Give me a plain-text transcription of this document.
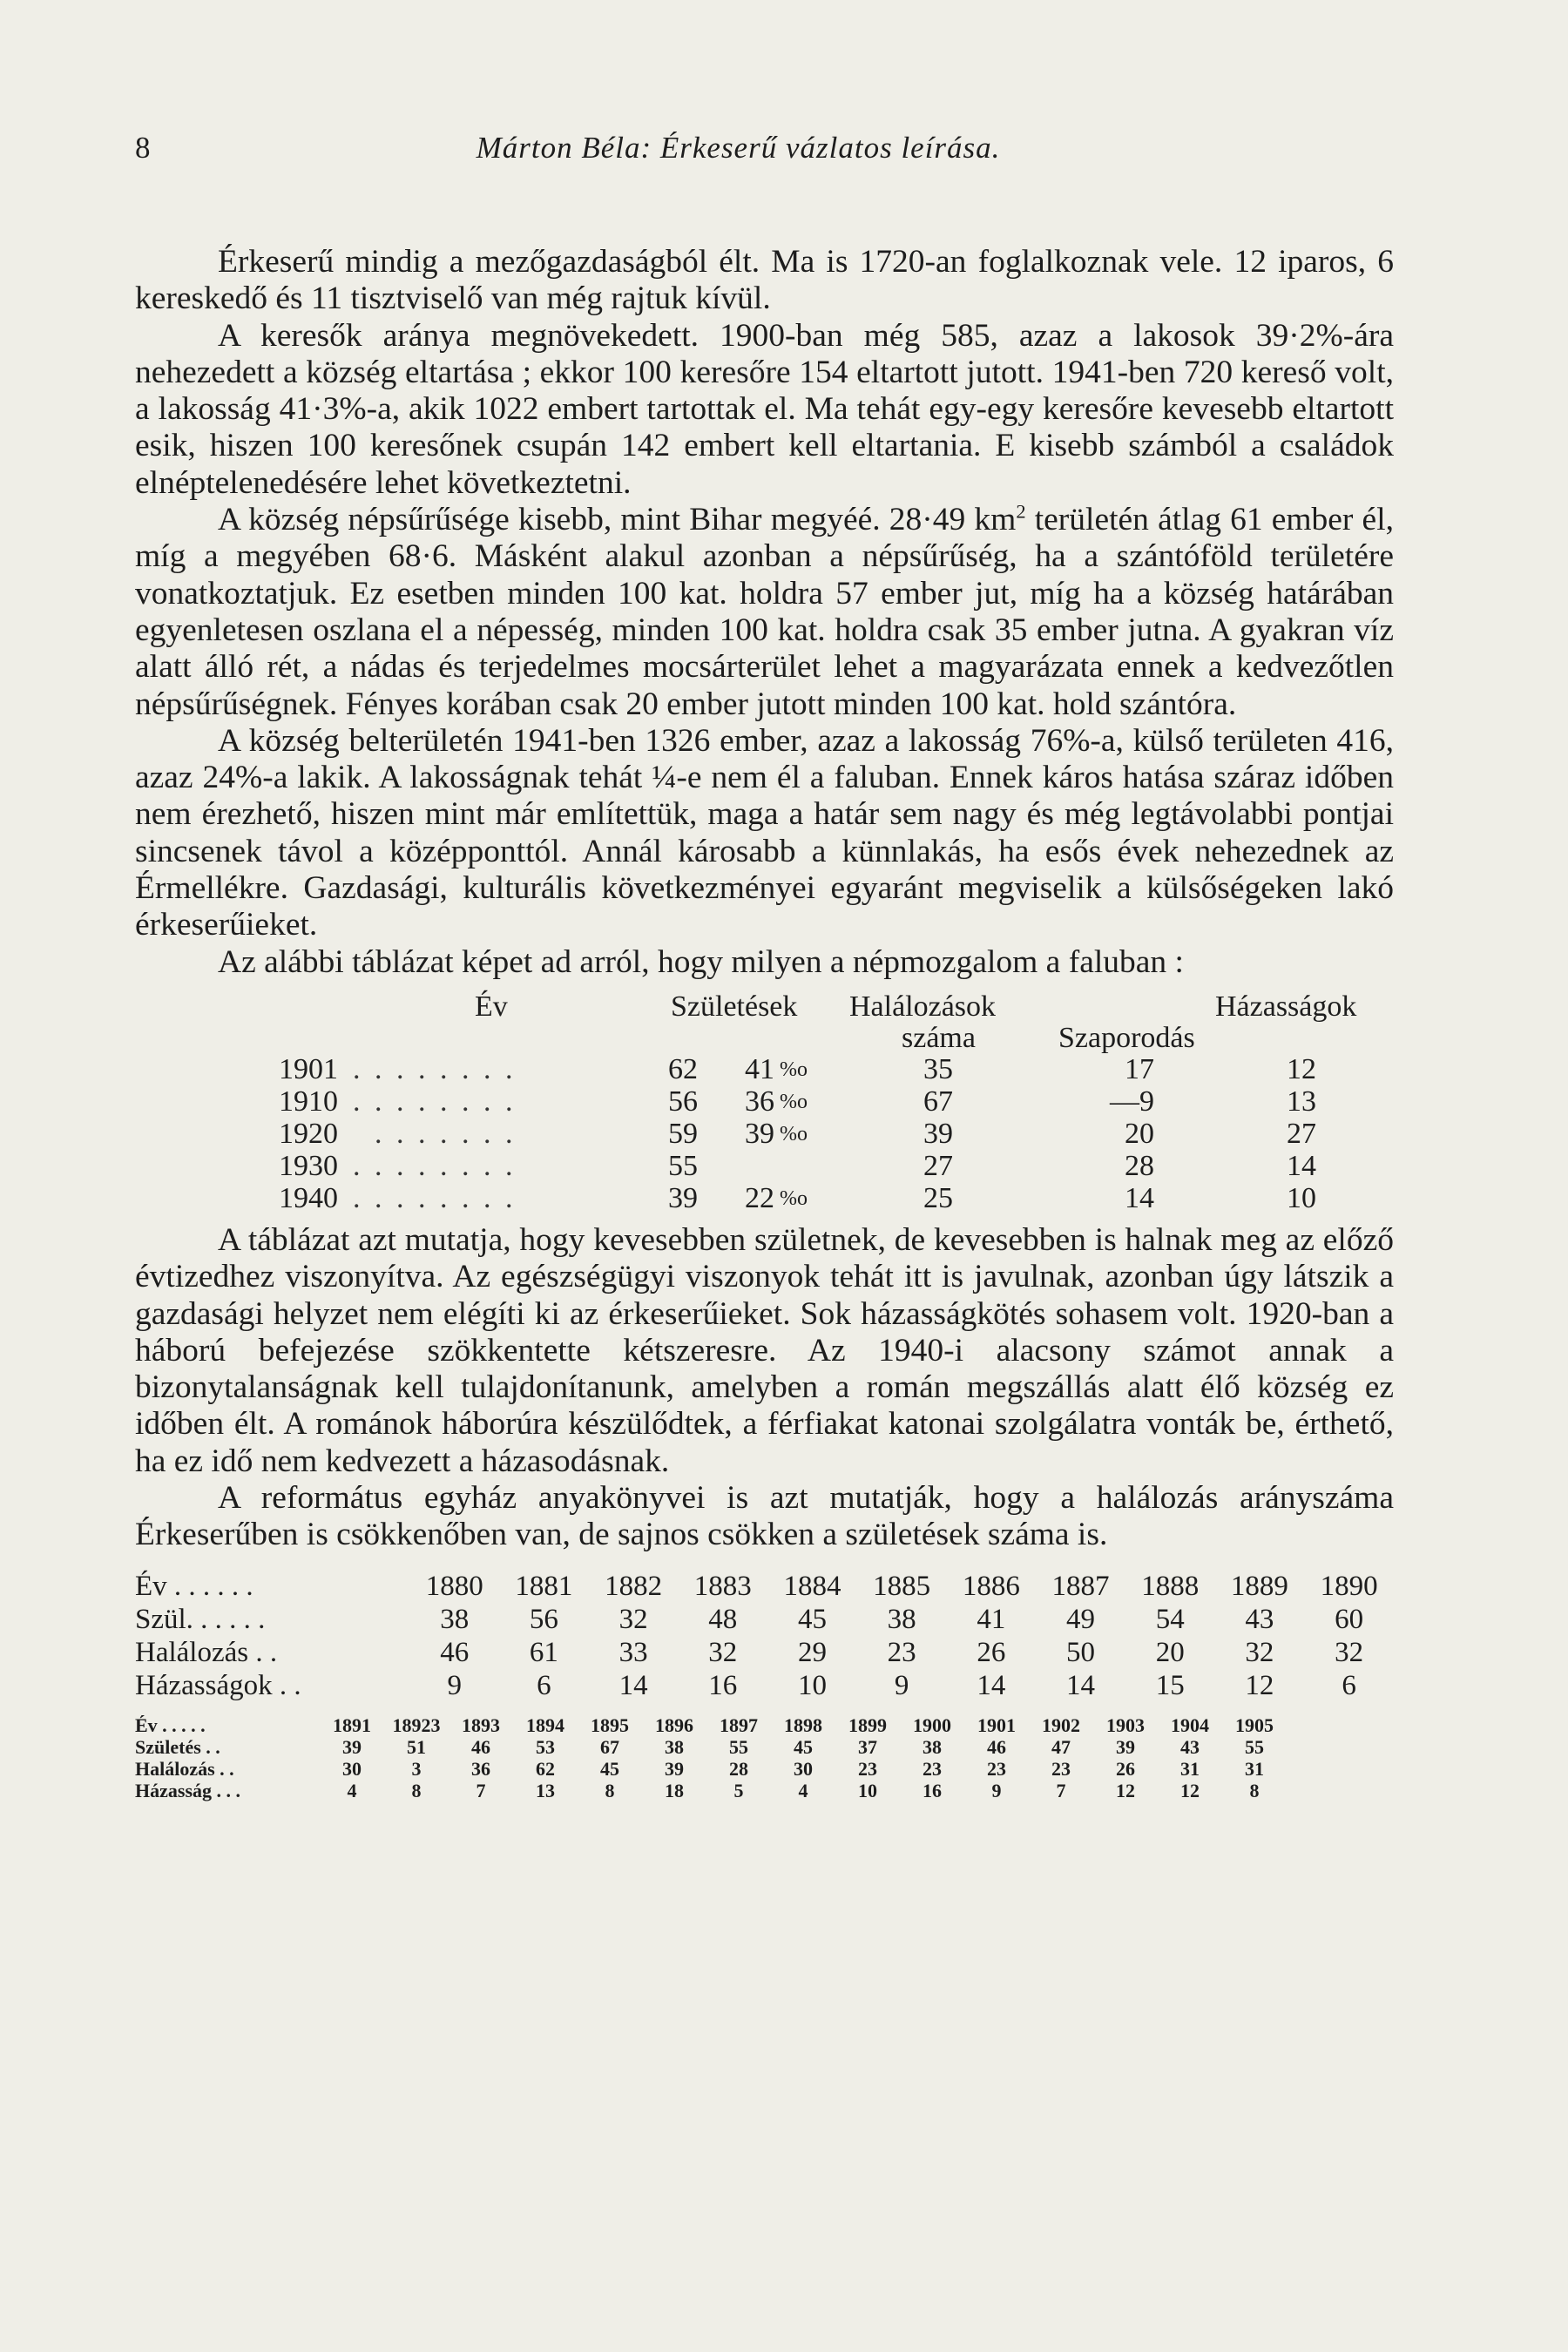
8	Márton Béla: Érkeserű vázlatos leírása.

Érkeserű mindig a mezőgazdaságból élt. Ma is 1720-an foglalkoznak vele. 12 iparos, 6 kereskedő és 11 tisztviselő van még rajtuk kívül.

A keresők aránya megnövekedett. 1900-ban még 585, azaz a lakosok 39·2%-ára nehezedett a község eltartása ; ekkor 100 keresőre 154 eltartott jutott. 1941-ben 720 kereső volt, a lakosság 41·3%-a, akik 1022 embert tartottak el. Ma tehát egy-egy keresőre kevesebb eltartott esik, hiszen 100 keresőnek csupán 142 embert kell eltartania. E kisebb számból a családok elnéptelenedésére lehet következtetni.

A község népsűrűsége kisebb, mint Bihar megyéé. 28·49 $km^2$ területén átlag 61 ember él, míg a megyében 68·6. Másként alakul azonban a népsűrűség, ha a szántóföld területére vonatkoztatjuk. Ez esetben minden 100 kat. holdra 57 ember jut, míg ha a község határában egyenletesen oszlana el a népesség, minden 100 kat. holdra csak 35 ember jutna. A gyakran víz alatt álló rét, a nádas és terjedelmes mocsárterület lehet a magyarázata ennek a kedvezőtlen népsűrűségnek. Fényes korában csak 20 ember jutott minden 100 kat. hold szántóra.

A község belterületén 1941-ben 1326 ember, azaz a lakosság 76%-a, külső területen 416, azaz 24%-a lakik. A lakosságnak tehát ¼-e nem él a faluban. Ennek káros hatása száraz időben nem érezhető, hiszen mint már említettük, maga a határ sem nagy és még legtávolabbi pontjai sincsenek távol a középponttól. Annál károsabb a künnlakás, ha esős évek nehezednek az Érmellékre. Gazdasági, kulturális következményei egyaránt megviselik a külsőségeken lakó érkeserűieket.

Az alábbi táblázat képet ad arról, hogy milyen a népmozgalom a faluban :

Év	Születések Halálozások	Házasságok
száma	Szaporodás
1901 . . . . . . . .	62 41 %o	35	17	12
1910 . . . . . . . .	56 36 %o	67	—9	13
1920 . . . . . . .	59 39 %o	39	20	27
1930 . . . . . . . .	55	27	28	14
1940 . . . . . . . .	39 22 %o	25	14	10

A táblázat azt mutatja, hogy kevesebben születnek, de kevesebben is halnak meg az előző évtizedhez viszonyítva. Az egészségügyi viszonyok tehát itt is javulnak, azonban úgy látszik a gazdasági helyzet nem elégíti ki az érkeserűieket. Sok házasságkötés sohasem volt. 1920-ban a háború befejezése szökkentette kétszeresre. Az 1940-i alacsony számot annak a bizonytalanságnak kell tulajdonítanunk, amelyben a román megszállás alatt élő község ez időben élt. A románok háborúra készülődtek, a férfiakat katonai szolgálatra vonták be, érthető, ha ez idő nem kedvezett a házasodásnak.

A református egyház anyakönyvei is azt mutatják, hogy a halálozás arányszáma Érkeserűben is csökkenőben van, de sajnos csökken a születések száma is.

Év . . . . . .	1880	1881	1882	1883	1884	1885	1886	1887	1888	1889	1890
Szül. . . . . .	38	56	32	48	45	38	41	49	54	43	60
Halálozás . .	46	61	33	32	29	23	26	50	20	32	32
Házasságok . .	9	6	14	16	10	9	14	14	15	12	6
Év . . . . .	1891	18923	1893	1894	1895	1896	1897	1898	1899	1900	1901	1902	1903	1904	1905
Születés . .	39	51	46	53	67	38	55	45	37	38	46	47	39	43	55
Halálozás . .	30	3	36	62	45	39	28	30	23	23	23	23	26	31	31
Házasság . . .	4	8	7	13	8	18	5	4	10	16	9	7	12	12	8
